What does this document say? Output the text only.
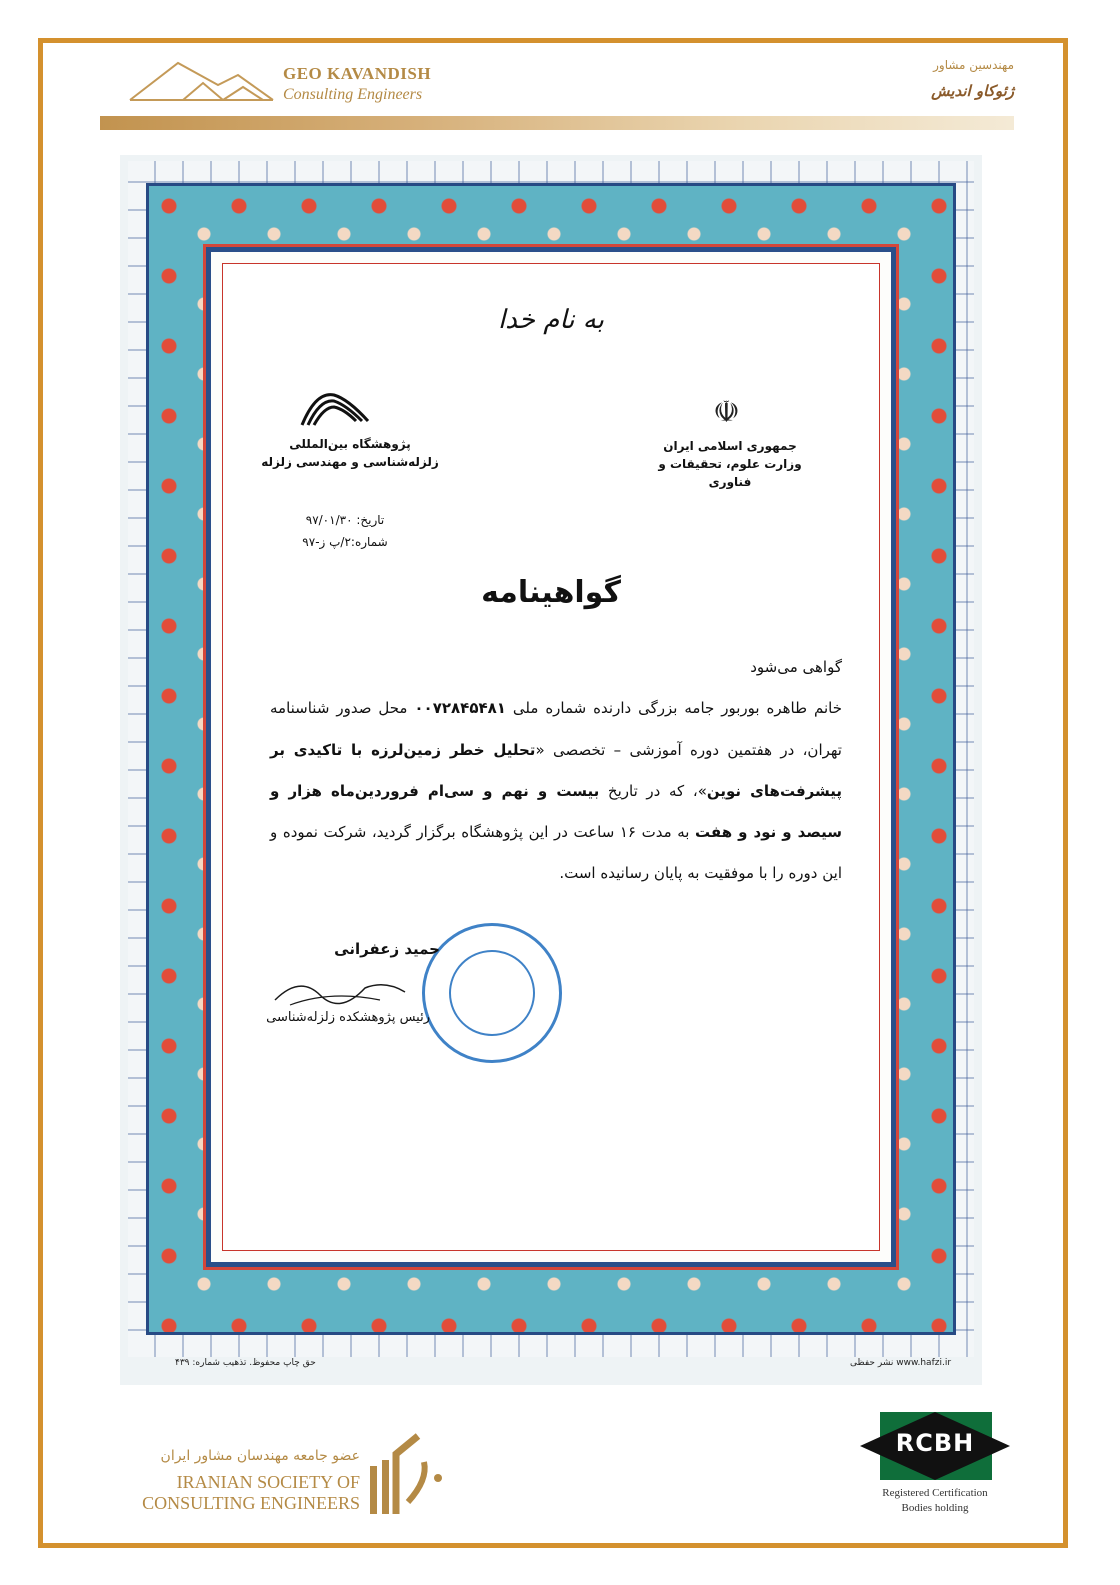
GEO KAVANDISH
Consulting Engineers
مهندسین مشاور
ژئوکاو اندیش
به نام خدا
پژوهشگاه بین‌المللی زلزله‌شناسی و مهندسی زلزله
تاریخ: ۹۷/۰۱/۳۰
شماره:۲/پ ز-۹۷
☫
جمهوری اسلامی ایران
وزارت علوم، تحقیقات و فناوری
گواهینامه
گواهی می‌شود
خانم طاهره بوربور جامه بزرگی دارنده شماره ملی ۰۰۷۲۸۴۵۴۸۱ محل صدور شناسنامه تهران، در هفتمین دوره آموزشی – تخصصی «تحلیل خطر زمین‌لرزه با تاکیدی بر پیشرفت‌های نوین»، که در تاریخ بیست و نهم و سی‌ام فروردین‌ماه هزار و سیصد و نود و هفت به مدت ۱۶ ساعت در این پژوهشگاه برگزار گردید، شرکت نموده و این دوره را با موفقیت به پایان رسانیده است.
حمید زعفرانی
رئیس پژوهشکده زلزله‌شناسی
www.hafzi.ir نشر حفظی
حق چاپ محفوظ. تذهیب شماره: ۴۳۹
عضو جامعه مهندسان مشاور ایران
IRANIAN SOCIETY OF
CONSULTING ENGINEERS
RCBH
Registered Certification
Bodies holding
